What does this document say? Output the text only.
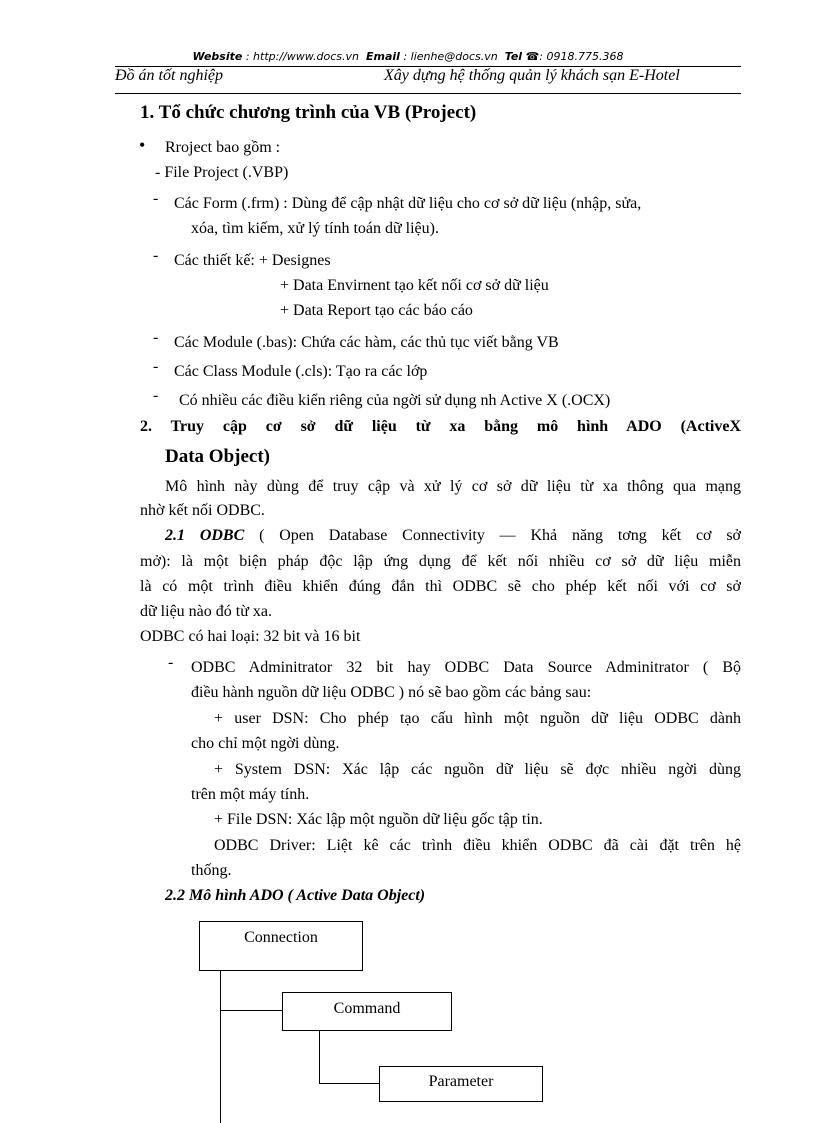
Website : http://www.docs.vn Email : lienhe@docs.vn Tel ☎: 0918.775.368
Đồ án tốt nghiệp	Xây dựng hệ thống quản lý khách sạn E-Hotel
1. Tổ chức chương trình của VB (Project)
• Rroject bao gồm :
- File Project (.VBP)
- Các Form (.frm) : Dùng để cập nhật dữ liệu cho cơ sở dữ liệu (nhập, sửa,
xóa, tìm kiếm, xử lý tính toán dữ liệu).
- Các thiết kế: + Designes
+ Data Envirnent tạo kết nối cơ sở dữ liệu
+ Data Report tạo các báo cáo
- Các Module (.bas): Chứa các hàm, các thủ tục viết bằng VB
- Các Class Module (.cls): Tạo ra các lớp
- Có nhiều các điều kiển riêng của ngời sử dụng nh Active X (.OCX)
2. Truy cập cơ sở dữ liệu từ xa bằng mô hình ADO (ActiveX
Data Object)
Mô hình này dùng để truy cập và xử lý cơ sở dữ liệu từ xa thông qua mạng
nhờ kết nối ODBC.
2.1 ODBC ( Open Database Connectivity — Khả năng tơng kết cơ sở
mở): là một biện pháp độc lập ứng dụng để kết nối nhiều cơ sở dữ liệu miễn
là có một trình điều khiển đúng đắn thì ODBC sẽ cho phép kết nối với cơ sở
dữ liệu nào đó từ xa.
ODBC có hai loại: 32 bit và 16 bit
- ODBC Adminitrator 32 bit hay ODBC Data Source Adminitrator ( Bộ
điều hành nguồn dữ liệu ODBC ) nó sẽ bao gồm các bảng sau:
+ user DSN: Cho phép tạo cấu hình một nguồn dữ liệu ODBC dành
cho chỉ một ngời dùng.
+ System DSN: Xác lập các nguồn dữ liệu sẽ đợc nhiều ngời dùng
trên một máy tính.
+ File DSN: Xác lập một nguồn dữ liệu gốc tập tin.
ODBC Driver: Liệt kê các trình điều khiển ODBC đã cài đặt trên hệ
thống.
2.2 Mô hình ADO ( Active Data Object)
Connection
Command
Parameter
